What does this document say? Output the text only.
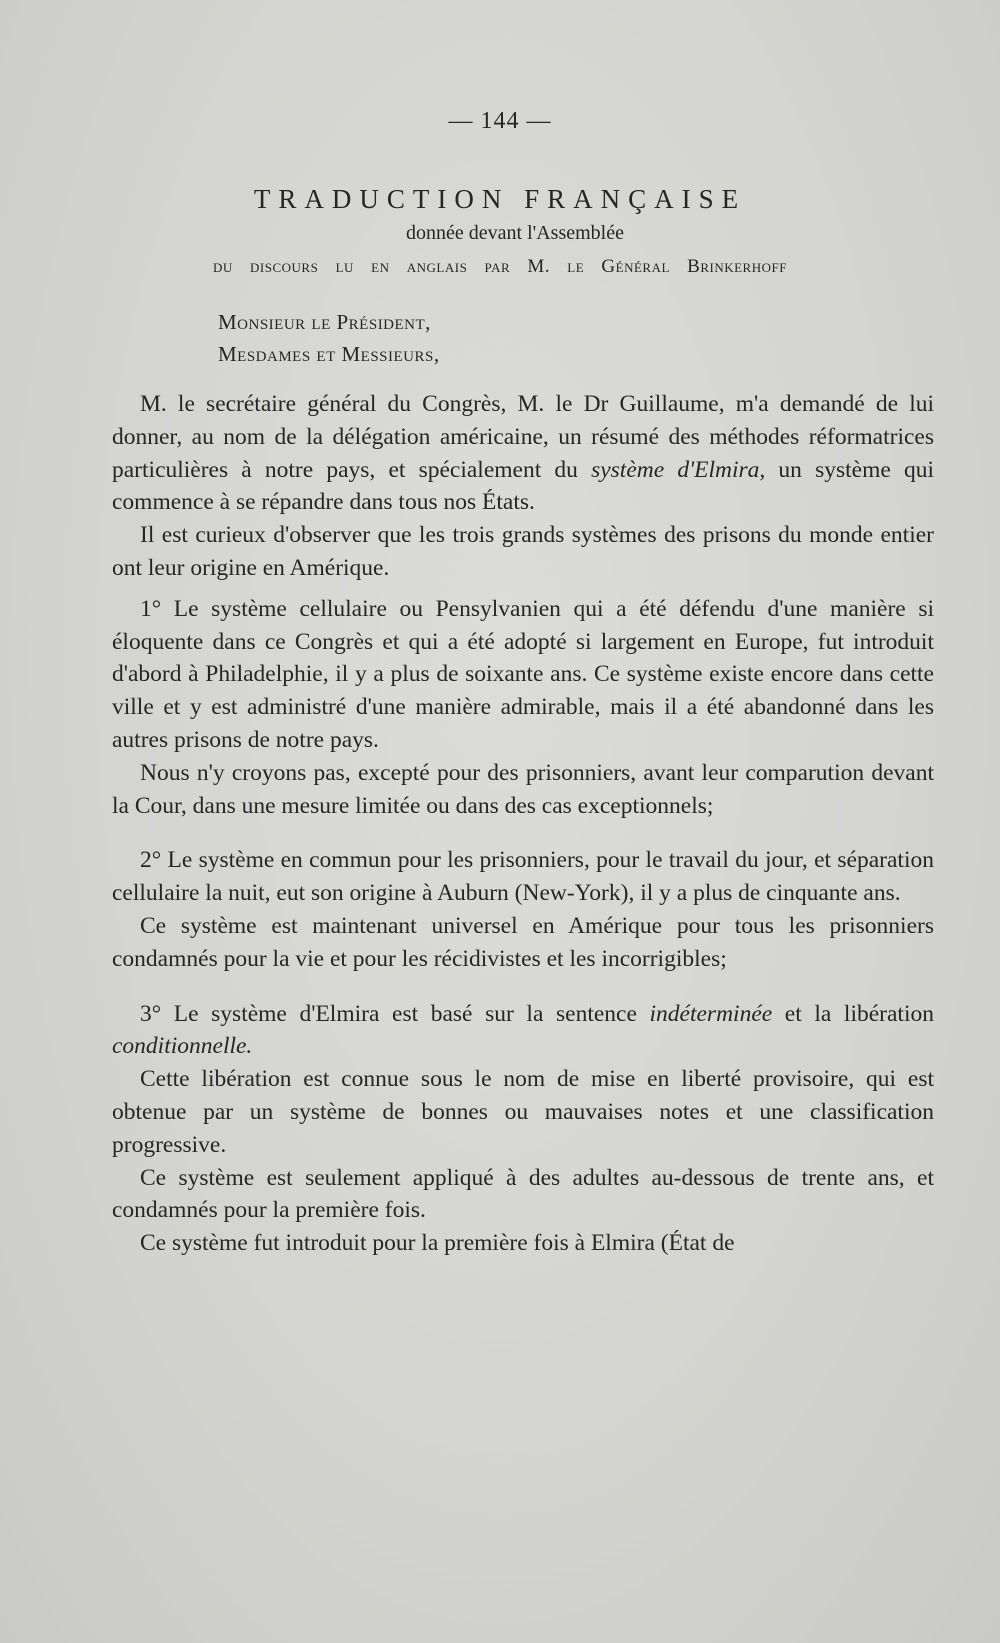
— 144 —
TRADUCTION FRANÇAISE
donnée devant l'Assemblée
du discours lu en anglais par M. le Général Brinkerhoff
Monsieur le Président,
Mesdames et Messieurs,

M. le secrétaire général du Congrès, M. le Dr Guillaume, m'a demandé de lui donner, au nom de la délégation américaine, un résumé des méthodes réformatrices particulières à notre pays, et spécialement du système d'Elmira, un système qui commence à se répandre dans tous nos États.

Il est curieux d'observer que les trois grands systèmes des prisons du monde entier ont leur origine en Amérique.

1° Le système cellulaire ou Pensylvanien qui a été défendu d'une manière si éloquente dans ce Congrès et qui a été adopté si largement en Europe, fut introduit d'abord à Philadelphie, il y a plus de soixante ans. Ce système existe encore dans cette ville et y est administré d'une manière admirable, mais il a été abandonné dans les autres prisons de notre pays.

Nous n'y croyons pas, excepté pour des prisonniers, avant leur comparution devant la Cour, dans une mesure limitée ou dans des cas exceptionnels;

2° Le système en commun pour les prisonniers, pour le travail du jour, et séparation cellulaire la nuit, eut son origine à Auburn (New-York), il y a plus de cinquante ans.

Ce système est maintenant universel en Amérique pour tous les prisonniers condamnés pour la vie et pour les récidivistes et les incorrigibles;

3° Le système d'Elmira est basé sur la sentence indéterminée et la libération conditionnelle.

Cette libération est connue sous le nom de mise en liberté provisoire, qui est obtenue par un système de bonnes ou mauvaises notes et une classification progressive.

Ce système est seulement appliqué à des adultes au-dessous de trente ans, et condamnés pour la première fois.

Ce système fut introduit pour la première fois à Elmira (État de
